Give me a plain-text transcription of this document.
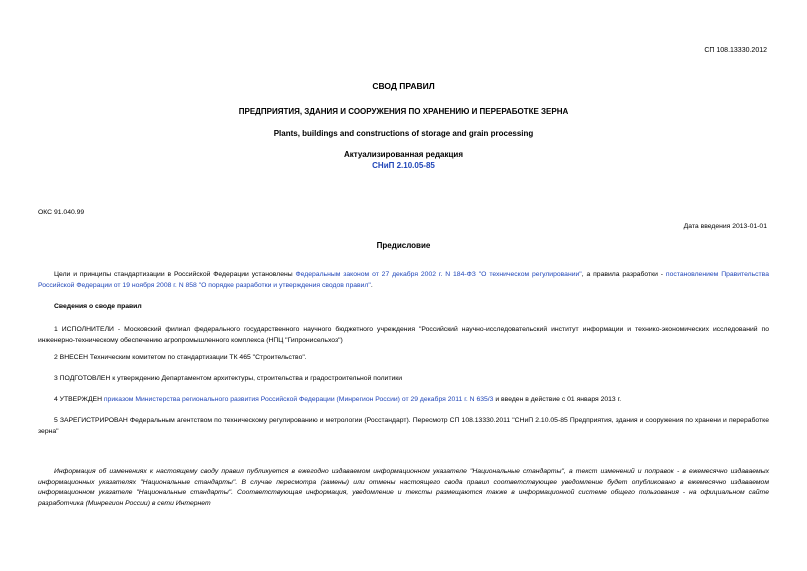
СП 108.13330.2012
СВОД ПРАВИЛ
ПРЕДПРИЯТИЯ, ЗДАНИЯ И СООРУЖЕНИЯ ПО ХРАНЕНИЮ И ПЕРЕРАБОТКЕ ЗЕРНА
Plants, buildings and constructions of storage and grain processing
Актуализированная редакция
СНиП 2.10.05-85
ОКС 91.040.99
Дата введения 2013-01-01
Предисловие
Цели и принципы стандартизации в Российской Федерации установлены Федеральным законом от 27 декабря 2002 г. N 184-ФЗ "О техническом регулировании", а правила разработки - постановлением Правительства Российской Федерации от 19 ноября 2008 г. N 858 "О порядке разработки и утверждения сводов правил".
Сведения о своде правил
1 ИСПОЛНИТЕЛИ - Московский филиал федерального государственного научного бюджетного учреждения "Российский научно-исследовательский институт информации и технико-экономических исследований по инженерно-техническому обеспечению агропромышленного комплекса (НПЦ "Гипронисельхоз")
2 ВНЕСЕН Техническим комитетом по стандартизации ТК 465 "Строительство".
3 ПОДГОТОВЛЕН к утверждению Департаментом архитектуры, строительства и градостроительной политики
4 УТВЕРЖДЕН приказом Министерства регионального развития Российской Федерации (Минрегион России) от 29 декабря 2011 г. N 635/3 и введен в действие с 01 января 2013 г.
5 ЗАРЕГИСТРИРОВАН Федеральным агентством по техническому регулированию и метрологии (Росстандарт). Пересмотр СП 108.13330.2011 "СНиП 2.10.05-85 Предприятия, здания и сооружения по хранени и переработке зерна"
Информация об изменениях к настоящему своду правил публикуется в ежегодно издаваемом информационном указателе "Национальные стандарты", а текст изменений и поправок - в ежемесячно издаваемых информационных указателях "Национальные стандарты". В случае пересмотра (замены) или отмены настоящего свода правил соответствующее уведомление будет опубликовано в ежемесячно издаваемом информационном указателе "Национальные стандарты". Соответствующая информация, уведомление и тексты размещаются также в информационной системе общего пользования - на официальном сайте разработчика (Минрегион России) в сети Интернет
